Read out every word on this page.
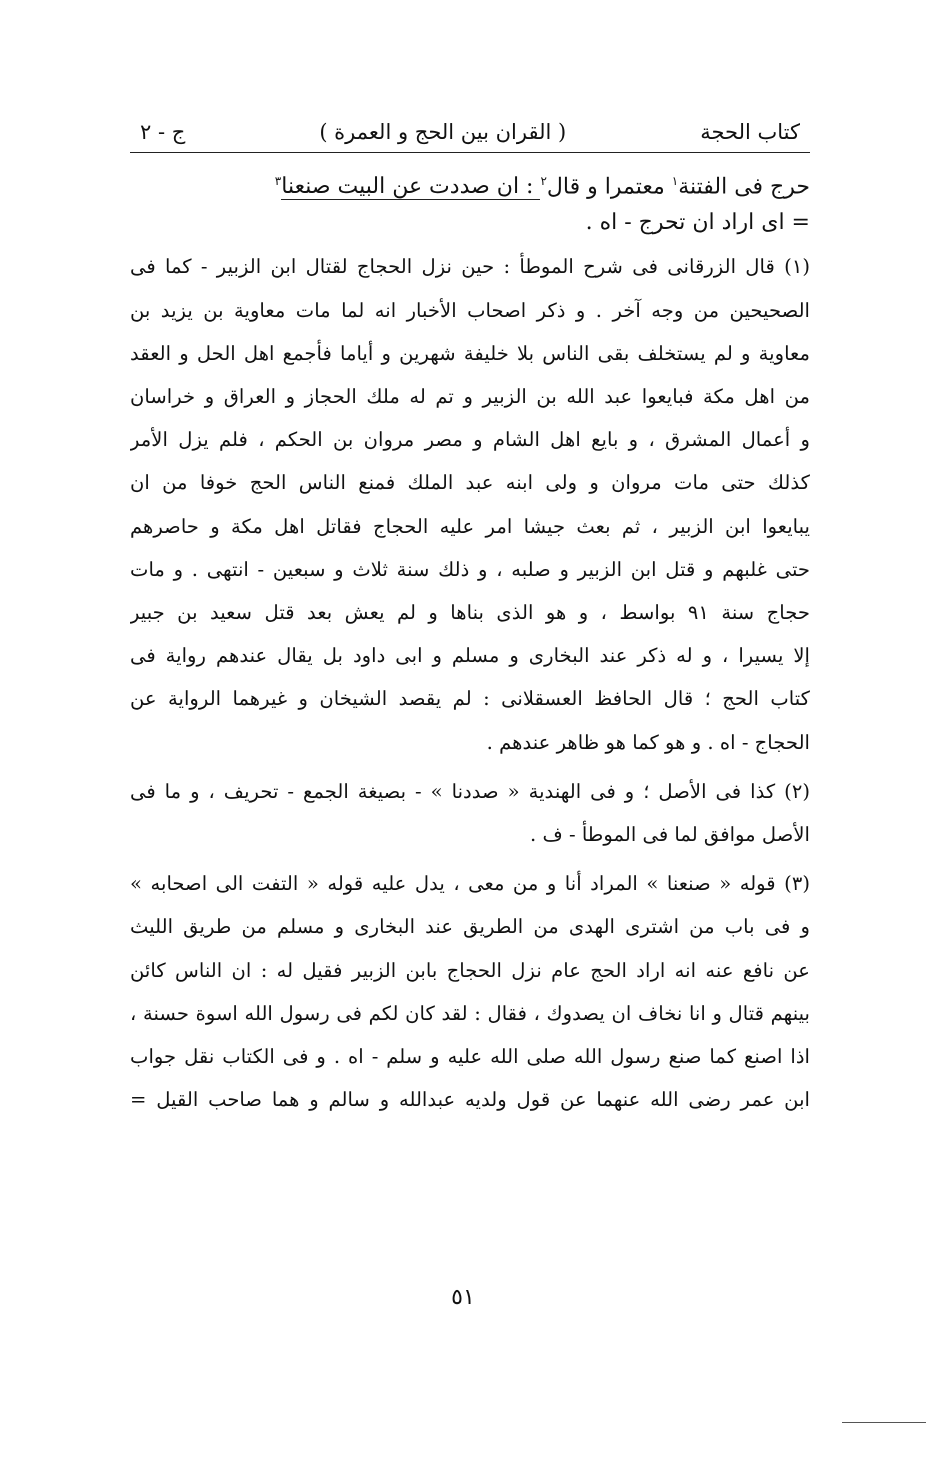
كتاب الحجة
( القران بين الحج و العمرة )
ج - ٢
حرج فى الفتنة$^١$ معتمرا و قال$^٢$ : ان صددت عن البيت صنعنا$^٣$
= اى اراد ان تحرج - اه .
(١) قال الزرقانى فى شرح الموطأ : حين نزل الحجاج لقتال ابن الزبير - كما فى
الصحيحين من وجه آخر . و ذكر اصحاب الأخبار انه لما مات معاوية بن يزيد بن
معاوية و لم يستخلف بقى الناس بلا خليفة شهرين و أياما فأجمع اهل الحل و العقد
من اهل مكة فبايعوا عبد الله بن الزبير و تم له ملك الحجاز و العراق و خراسان
و أعمال المشرق ، و بايع اهل الشام و مصر مروان بن الحكم ، فلم يزل الأمر
كذلك حتى مات مروان و ولى ابنه عبد الملك فمنع الناس الحج خوفا من ان
يبايعوا ابن الزبير ، ثم بعث جيشا امر عليه الحجاج فقاتل اهل مكة و حاصرهم
حتى غلبهم و قتل ابن الزبير و صلبه ، و ذلك سنة ثلاث و سبعين - انتهى . و مات
حجاج سنة ٩١ بواسط ، و هو الذى بناها و لم يعش بعد قتل سعيد بن جبير
إلا يسيرا ، و له ذكر عند البخارى و مسلم و ابى داود بل يقال عندهم رواية فى
كتاب الحج ؛ قال الحافظ العسقلانى : لم يقصد الشيخان و غيرهما الرواية عن
الحجاج - اه . و هو كما هو ظاهر عندهم .
(٢) كذا فى الأصل ؛ و فى الهندية « صددنا » - بصيغة الجمع - تحريف ، و ما فى
الأصل موافق لما فى الموطأ - ف .
(٣) قوله « صنعنا » المراد أنا و من معى ، يدل عليه قوله « التفت الى اصحابه »
و فى باب من اشترى الهدى من الطريق عند البخارى و مسلم من طريق الليث
عن نافع عنه انه اراد الحج عام نزل الحجاج بابن الزبير فقيل له : ان الناس كائن
بينهم قتال و انا نخاف ان يصدوك ، فقال : لقد كان لكم فى رسول الله اسوة حسنة ،
اذا اصنع كما صنع رسول الله صلى الله عليه و سلم - اه . و فى الكتاب نقل جواب
ابن عمر رضى الله عنهما عن قول ولديه عبدالله و سالم و هما صاحب القيل =
٥١
